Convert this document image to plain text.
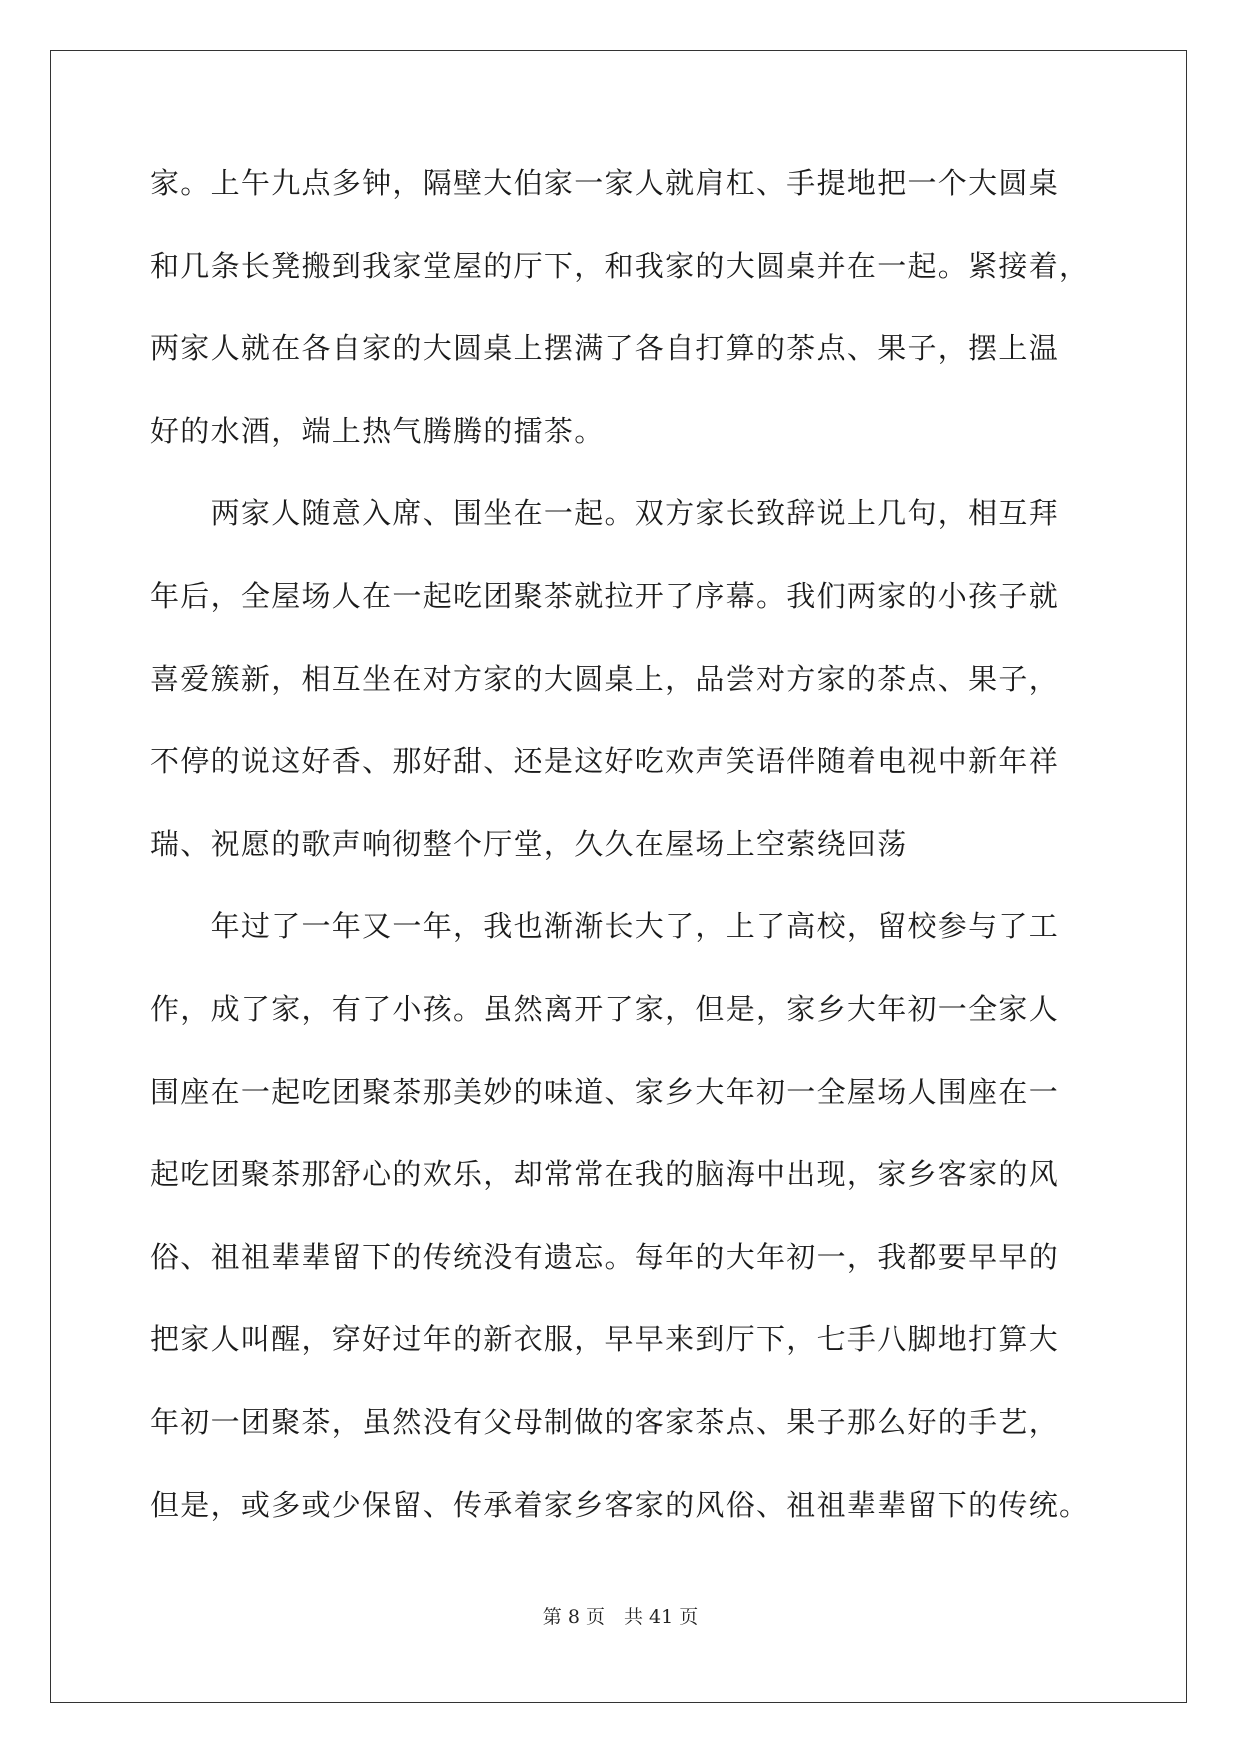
家。上午九点多钟，隔壁大伯家一家人就肩杠、手提地把一个大圆桌
和几条长凳搬到我家堂屋的厅下，和我家的大圆桌并在一起。紧接着，
两家人就在各自家的大圆桌上摆满了各自打算的茶点、果子，摆上温
好的水酒，端上热气腾腾的擂茶。
　　两家人随意入席、围坐在一起。双方家长致辞说上几句，相互拜
年后，全屋场人在一起吃团聚茶就拉开了序幕。我们两家的小孩子就
喜爱簇新，相互坐在对方家的大圆桌上，品尝对方家的茶点、果子，
不停的说这好香、那好甜、还是这好吃欢声笑语伴随着电视中新年祥
瑞、祝愿的歌声响彻整个厅堂，久久在屋场上空萦绕回荡
　　年过了一年又一年，我也渐渐长大了，上了高校，留校参与了工
作，成了家，有了小孩。虽然离开了家，但是，家乡大年初一全家人
围座在一起吃团聚茶那美妙的味道、家乡大年初一全屋场人围座在一
起吃团聚茶那舒心的欢乐，却常常在我的脑海中出现，家乡客家的风
俗、祖祖辈辈留下的传统没有遗忘。每年的大年初一，我都要早早的
把家人叫醒，穿好过年的新衣服，早早来到厅下，七手八脚地打算大
年初一团聚茶，虽然没有父母制做的客家茶点、果子那么好的手艺，
但是，或多或少保留、传承着家乡客家的风俗、祖祖辈辈留下的传统。
第 8 页　共 41 页
